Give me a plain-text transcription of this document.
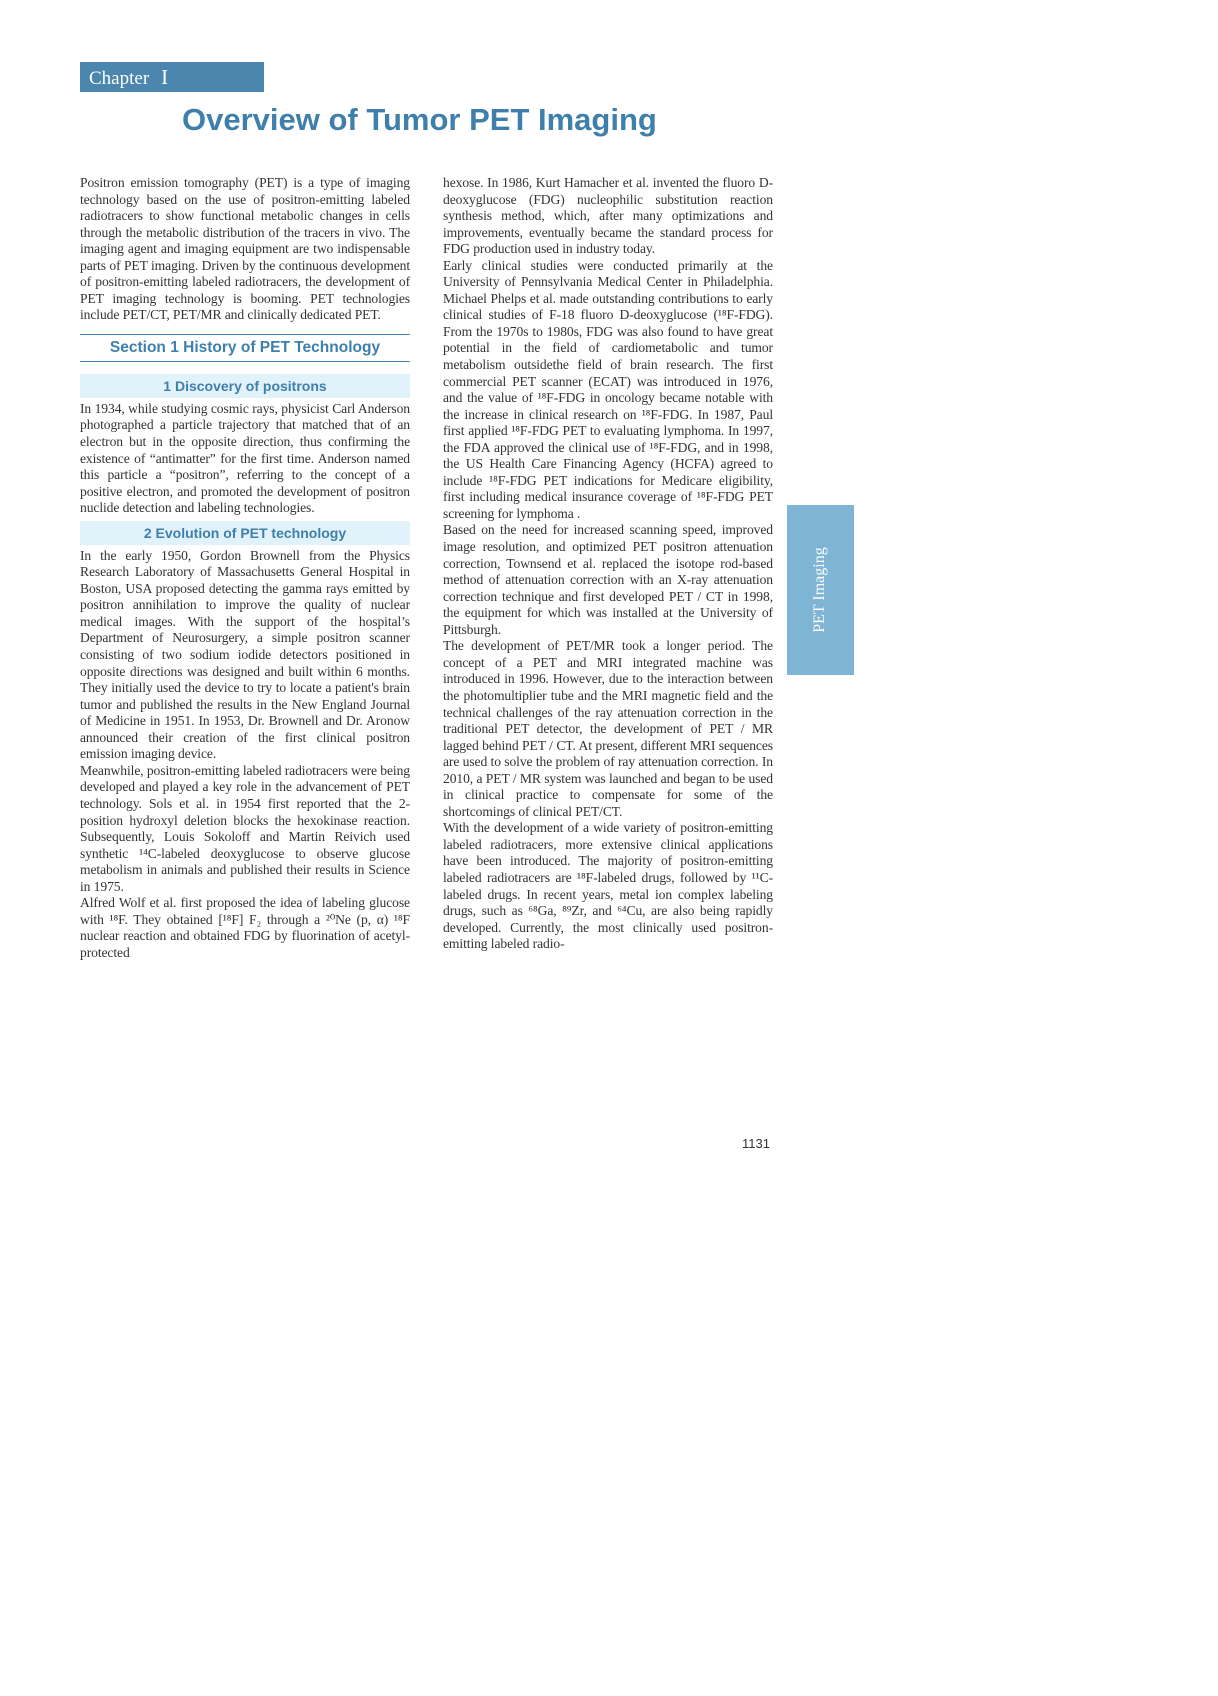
Chapter I
Overview of Tumor PET Imaging

Positron emission tomography (PET) is a type of imaging technology based on the use of positron-emitting labeled radiotracers to show functional metabolic changes in cells through the metabolic distribution of the tracers in vivo. The imaging agent and imaging equipment are two indispensable parts of PET imaging. Driven by the continuous development of positron-emitting labeled radiotracers, the development of PET imaging technology is booming. PET technologies include PET/CT, PET/MR and clinically dedicated PET.

Section 1 History of PET Technology
1 Discovery of positrons

In 1934, while studying cosmic rays, physicist Carl Anderson photographed a particle trajectory that matched that of an electron but in the opposite direction, thus confirming the existence of “antimatter” for the first time. Anderson named this particle a “positron”, referring to the concept of a positive electron, and promoted the development of positron nuclide detection and labeling technologies.

2 Evolution of PET technology

In the early 1950, Gordon Brownell from the Physics Research Laboratory of Massachusetts General Hospital in Boston, USA proposed detecting the gamma rays emitted by positron annihilation to improve the quality of nuclear medical images. With the support of the hospital’s Department of Neurosurgery, a simple positron scanner consisting of two sodium iodide detectors positioned in opposite directions was designed and built within 6 months. They initially used the device to try to locate a patient's brain tumor and published the results in the New England Journal of Medicine in 1951. In 1953, Dr. Brownell and Dr. Aronow announced their creation of the first clinical positron emission imaging device.

Meanwhile, positron-emitting labeled radiotracers were being developed and played a key role in the advancement of PET technology. Sols et al. in 1954 first reported that the 2-position hydroxyl deletion blocks the hexokinase reaction. Subsequently, Louis Sokoloff and Martin Reivich used synthetic ¹⁴C-labeled deoxyglucose to observe glucose metabolism in animals and published their results in Science in 1975.

Alfred Wolf et al. first proposed the idea of labeling glucose with ¹⁸F. They obtained [¹⁸F] F₂ through a ²⁰Ne (p, α) ¹⁸F nuclear reaction and obtained FDG by fluorination of acetyl-protected

hexose. In 1986, Kurt Hamacher et al. invented the fluoro D-deoxyglucose (FDG) nucleophilic substitution reaction synthesis method, which, after many optimizations and improvements, eventually became the standard process for FDG production used in industry today.

Early clinical studies were conducted primarily at the University of Pennsylvania Medical Center in Philadelphia. Michael Phelps et al. made outstanding contributions to early clinical studies of F-18 fluoro D-deoxyglucose (¹⁸F-FDG). From the 1970s to 1980s, FDG was also found to have great potential in the field of cardiometabolic and tumor metabolism outsidethe field of brain research. The first commercial PET scanner (ECAT) was introduced in 1976, and the value of ¹⁸F-FDG in oncology became notable with the increase in clinical research on ¹⁸F-FDG. In 1987, Paul first applied ¹⁸F-FDG PET to evaluating lymphoma. In 1997, the FDA approved the clinical use of ¹⁸F-FDG, and in 1998, the US Health Care Financing Agency (HCFA) agreed to include ¹⁸F-FDG PET indications for Medicare eligibility, first including medical insurance coverage of ¹⁸F-FDG PET screening for lymphoma .

Based on the need for increased scanning speed, improved image resolution, and optimized PET positron attenuation correction, Townsend et al. replaced the isotope rod-based method of attenuation correction with an X-ray attenuation correction technique and first developed PET / CT in 1998, the equipment for which was installed at the University of Pittsburgh.

The development of PET/MR took a longer period. The concept of a PET and MRI integrated machine was introduced in 1996. However, due to the interaction between the photomultiplier tube and the MRI magnetic field and the technical challenges of the ray attenuation correction in the traditional PET detector, the development of PET / MR lagged behind PET / CT. At present, different MRI sequences are used to solve the problem of ray attenuation correction. In 2010, a PET / MR system was launched and began to be used in clinical practice to compensate for some of the shortcomings of clinical PET/CT.

With the development of a wide variety of positron-emitting labeled radiotracers, more extensive clinical applications have been introduced. The majority of positron-emitting labeled radiotracers are ¹⁸F-labeled drugs, followed by ¹¹C-labeled drugs. In recent years, metal ion complex labeling drugs, such as ⁶⁸Ga, ⁸⁹Zr, and ⁶⁴Cu, are also being rapidly developed. Currently, the most clinically used positron-emitting labeled radio-

PET Imaging
1131
